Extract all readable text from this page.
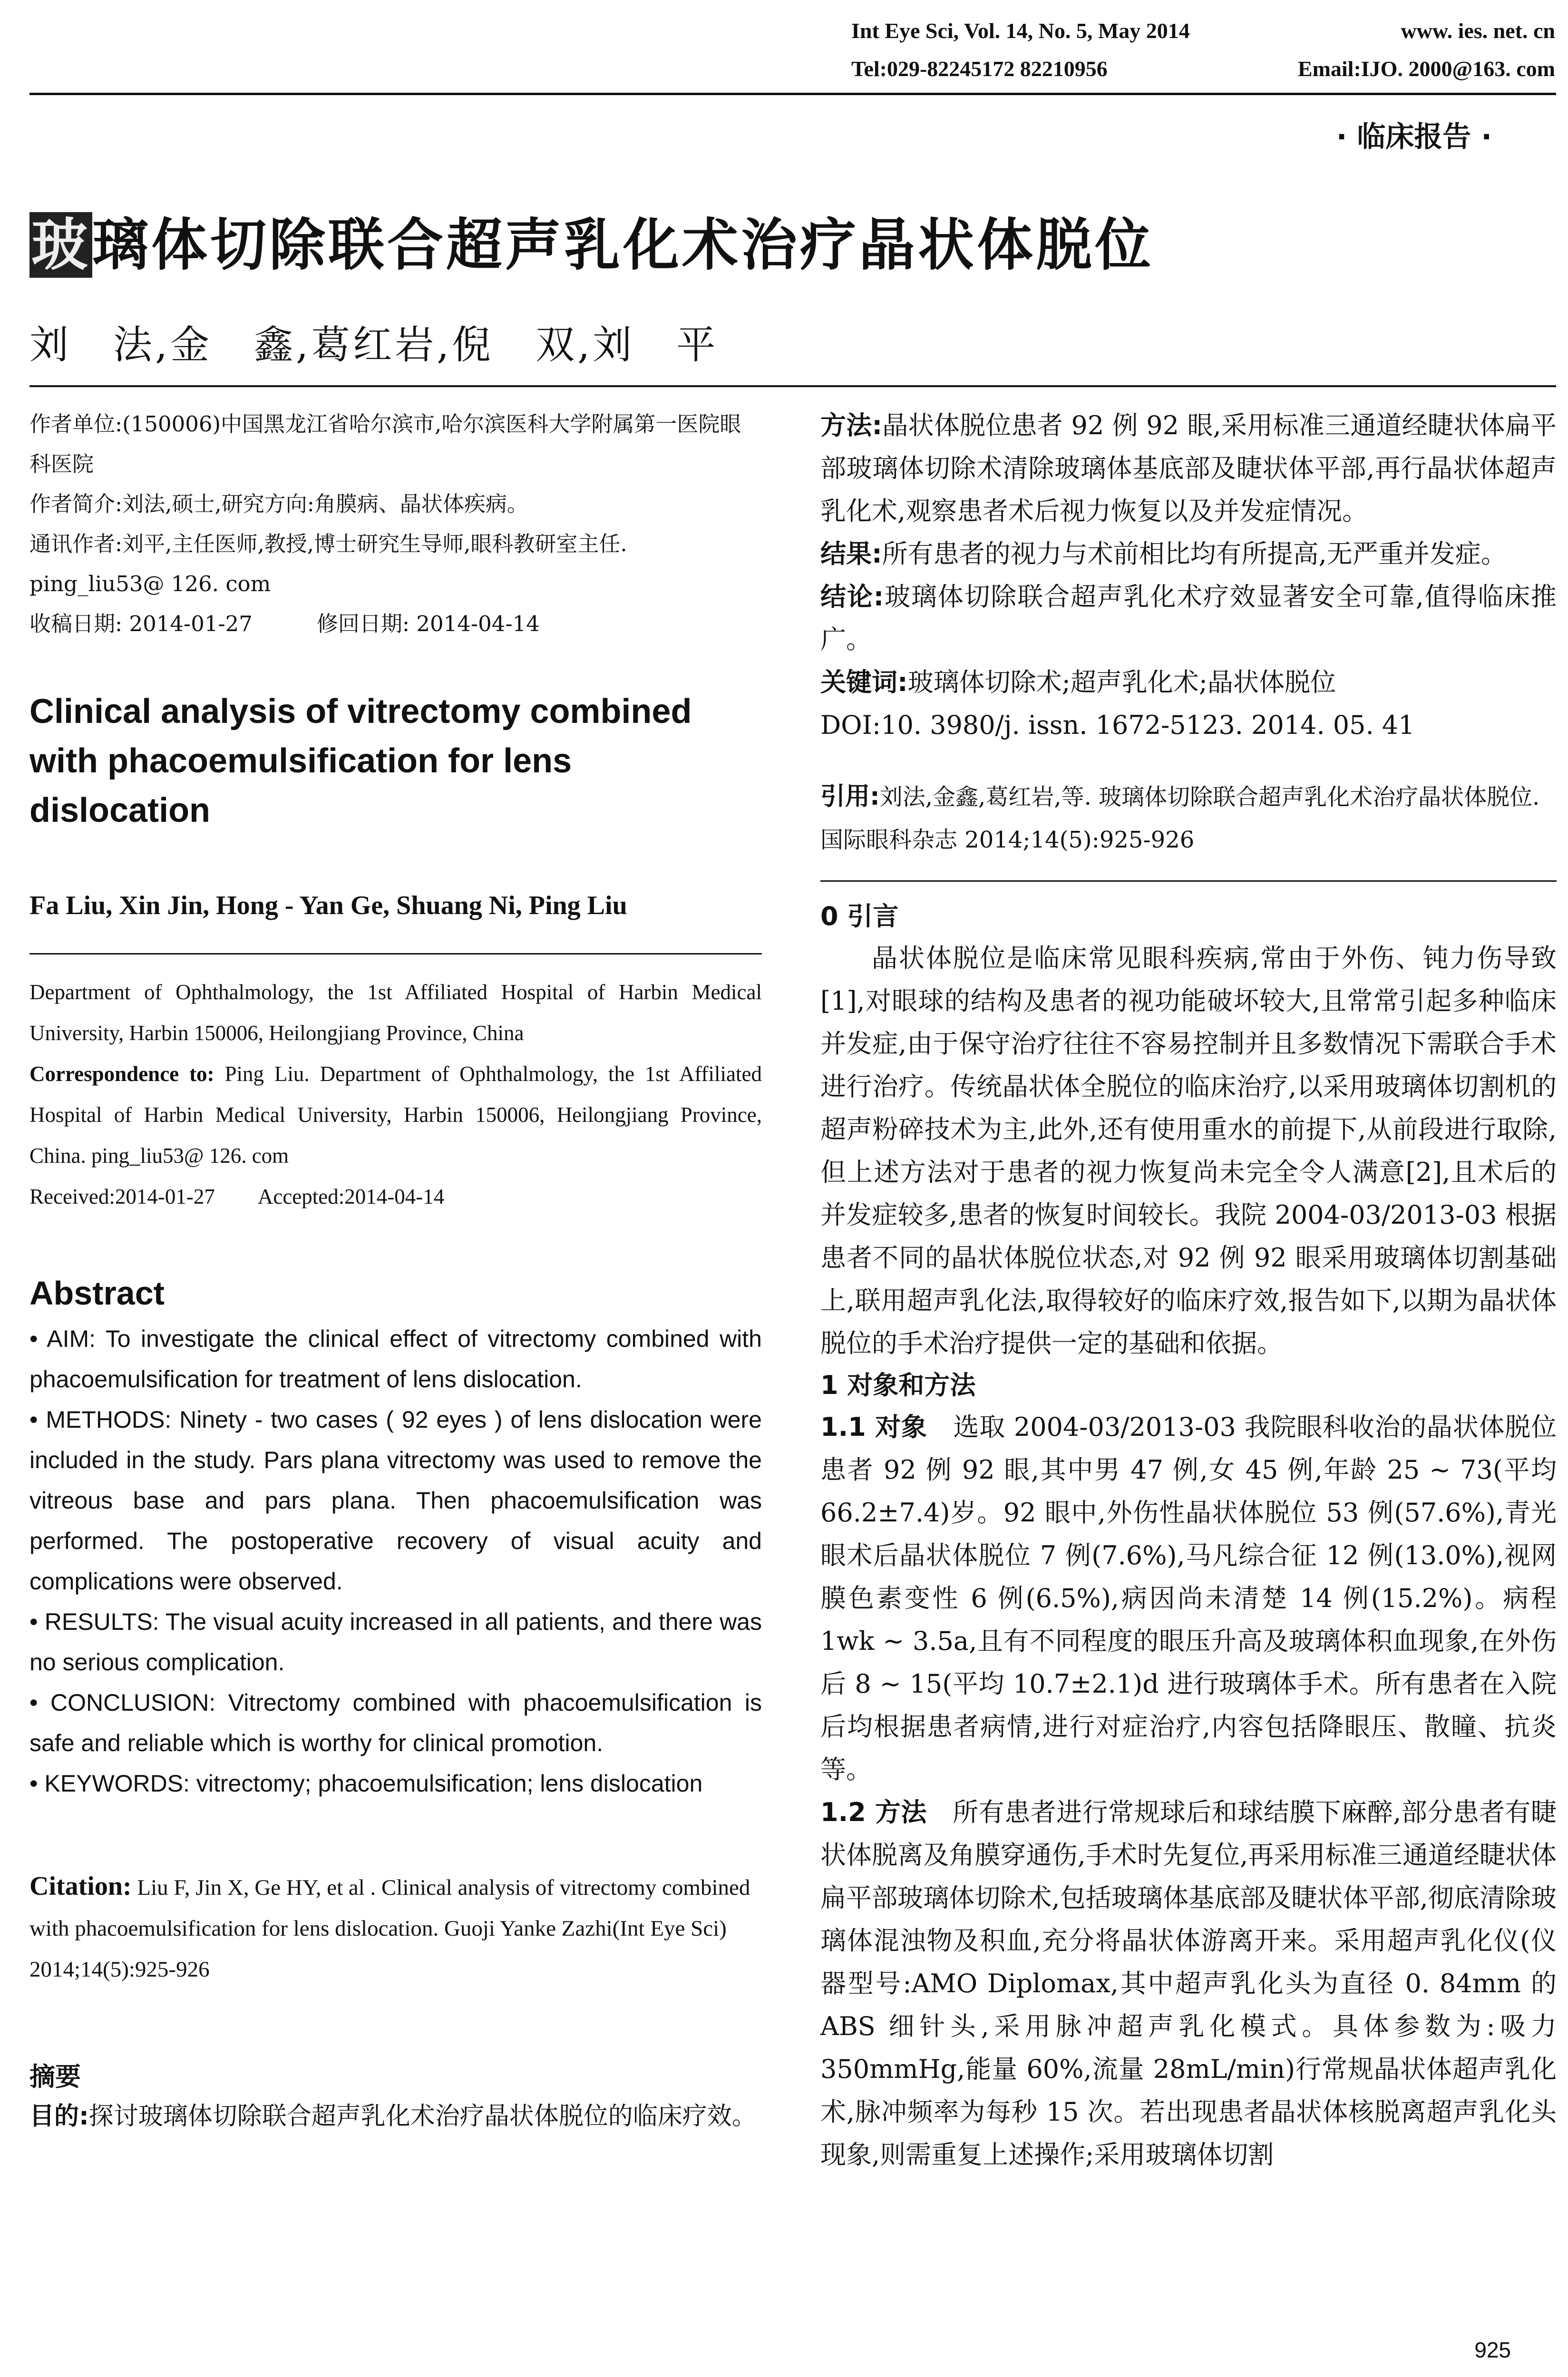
Int Eye Sci, Vol. 14, No. 5, May 2014	www. ies. net. cn
Tel:029-82245172 82210956	Email:IJO. 2000@163. com
· 临床报告 ·
玻璃体切除联合超声乳化术治疗晶状体脱位
刘　法,金　鑫,葛红岩,倪　双,刘　平

作者单位:(150006)中国黑龙江省哈尔滨市,哈尔滨医科大学附属第一医院眼科医院

作者简介:刘法,硕士,研究方向:角膜病、晶状体疾病。

通讯作者:刘平,主任医师,教授,博士研究生导师,眼科教研室主任. ping_liu53@ 126. com

收稿日期: 2014-01-27　　　修回日期: 2014-04-14

Clinical analysis of vitrectomy combined with phacoemulsification for lens dislocation
Fa Liu, Xin Jin, Hong - Yan Ge, Shuang Ni, Ping Liu

Department of Ophthalmology, the 1st Affiliated Hospital of Harbin Medical University, Harbin 150006, Heilongjiang Province, China

Correspondence to: Ping Liu. Department of Ophthalmology, the 1st Affiliated Hospital of Harbin Medical University, Harbin 150006, Heilongjiang Province, China. ping_liu53@ 126. com

Received:2014-01-27　　Accepted:2014-04-14

Abstract

• AIM: To investigate the clinical effect of vitrectomy combined with phacoemulsification for treatment of lens dislocation.

• METHODS: Ninety - two cases ( 92 eyes ) of lens dislocation were included in the study. Pars plana vitrectomy was used to remove the vitreous base and pars plana. Then phacoemulsification was performed. The postoperative recovery of visual acuity and complications were observed.

• RESULTS: The visual acuity increased in all patients, and there was no serious complication.

• CONCLUSION: Vitrectomy combined with phacoemulsification is safe and reliable which is worthy for clinical promotion.

• KEYWORDS: vitrectomy; phacoemulsification; lens dislocation

Citation: Liu F, Jin X, Ge HY, et al . Clinical analysis of vitrectomy combined with phacoemulsification for lens dislocation. Guoji Yanke Zazhi(Int Eye Sci) 2014;14(5):925-926

摘要

目的:探讨玻璃体切除联合超声乳化术治疗晶状体脱位的临床疗效。

方法:晶状体脱位患者 92 例 92 眼,采用标准三通道经睫状体扁平部玻璃体切除术清除玻璃体基底部及睫状体平部,再行晶状体超声乳化术,观察患者术后视力恢复以及并发症情况。

结果:所有患者的视力与术前相比均有所提高,无严重并发症。

结论:玻璃体切除联合超声乳化术疗效显著安全可靠,值得临床推广。

关键词:玻璃体切除术;超声乳化术;晶状体脱位

DOI:10. 3980/j. issn. 1672-5123. 2014. 05. 41

引用:刘法,金鑫,葛红岩,等. 玻璃体切除联合超声乳化术治疗晶状体脱位. 国际眼科杂志 2014;14(5):925-926

0 引言

晶状体脱位是临床常见眼科疾病,常由于外伤、钝力伤导致[1],对眼球的结构及患者的视功能破坏较大,且常常引起多种临床并发症,由于保守治疗往往不容易控制并且多数情况下需联合手术进行治疗。传统晶状体全脱位的临床治疗,以采用玻璃体切割机的超声粉碎技术为主,此外,还有使用重水的前提下,从前段进行取除,但上述方法对于患者的视力恢复尚未完全令人满意[2],且术后的并发症较多,患者的恢复时间较长。我院 2004-03/2013-03 根据患者不同的晶状体脱位状态,对 92 例 92 眼采用玻璃体切割基础上,联用超声乳化法,取得较好的临床疗效,报告如下,以期为晶状体脱位的手术治疗提供一定的基础和依据。

1 对象和方法

1.1 对象　选取 2004-03/2013-03 我院眼科收治的晶状体脱位患者 92 例 92 眼,其中男 47 例,女 45 例,年龄 25 ~ 73(平均 66.2±7.4)岁。92 眼中,外伤性晶状体脱位 53 例(57.6%),青光眼术后晶状体脱位 7 例(7.6%),马凡综合征 12 例(13.0%),视网膜色素变性 6 例(6.5%),病因尚未清楚 14 例(15.2%)。病程 1wk ~ 3.5a,且有不同程度的眼压升高及玻璃体积血现象,在外伤后 8 ~ 15(平均 10.7±2.1)d 进行玻璃体手术。所有患者在入院后均根据患者病情,进行对症治疗,内容包括降眼压、散瞳、抗炎等。

1.2 方法　所有患者进行常规球后和球结膜下麻醉,部分患者有睫状体脱离及角膜穿通伤,手术时先复位,再采用标准三通道经睫状体扁平部玻璃体切除术,包括玻璃体基底部及睫状体平部,彻底清除玻璃体混浊物及积血,充分将晶状体游离开来。采用超声乳化仪(仪器型号:AMO Diplomax,其中超声乳化头为直径 0. 84mm 的 ABS 细针头,采用脉冲超声乳化模式。具体参数为:吸力 350mmHg,能量 60%,流量 28mL/min)行常规晶状体超声乳化术,脉冲频率为每秒 15 次。若出现患者晶状体核脱离超声乳化头现象,则需重复上述操作;采用玻璃体切割

925
